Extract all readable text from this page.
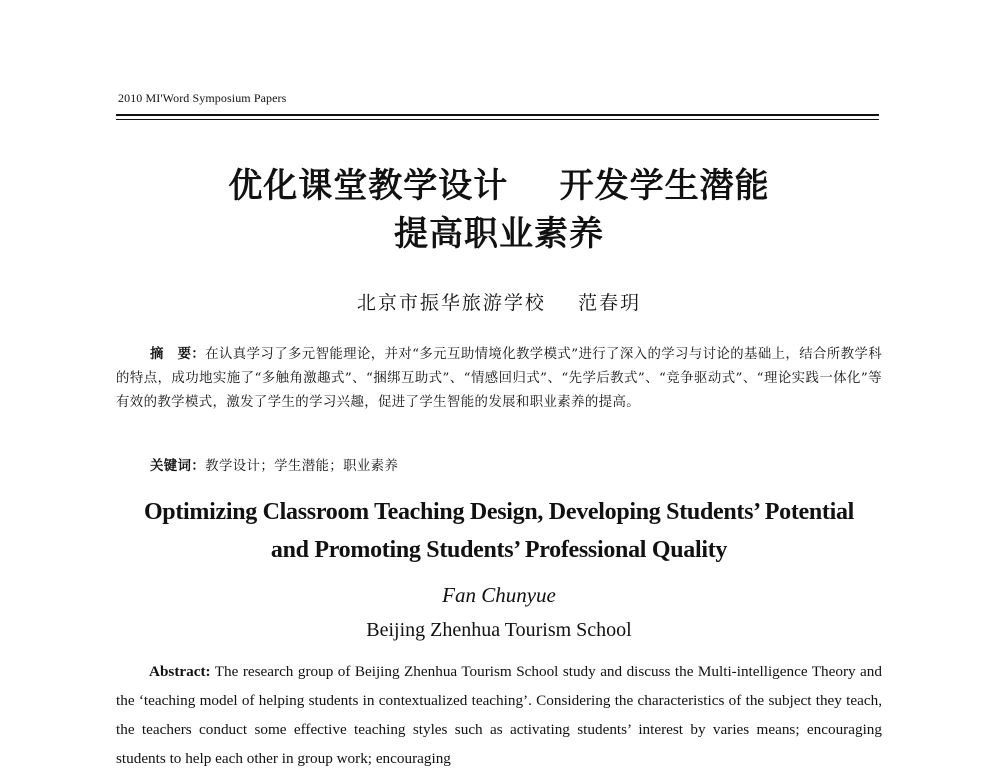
2010 MI'Word Symposium Papers
优化课堂教学设计    开发学生潜能
提高职业素养
北京市振华旅游学校    范春玥
摘　要：在认真学习了多元智能理论，并对“多元互助情境化教学模式”进行了深入的学习与讨论的基础上，结合所教学科的特点，成功地实施了“多触角激趣式”、“捆绑互助式”、“情感回归式”、“先学后教式”、“竞争驱动式”、“理论实践一体化”等有效的教学模式，激发了学生的学习兴趣，促进了学生智能的发展和职业素养的提高。
关键词：教学设计；学生潜能；职业素养
Optimizing Classroom Teaching Design, Developing Students’ Potential
and Promoting Students’ Professional Quality
Fan Chunyue
Beijing Zhenhua Tourism School
Abstract: The research group of Beijing Zhenhua Tourism School study and discuss the Multi-intelligence Theory and the ‘teaching model of helping students in contextualized teaching’. Considering the characteristics of the subject they teach, the teachers conduct some effective teaching styles such as activating students’ interest by varies means; encouraging students to help each other in group work; encouraging
